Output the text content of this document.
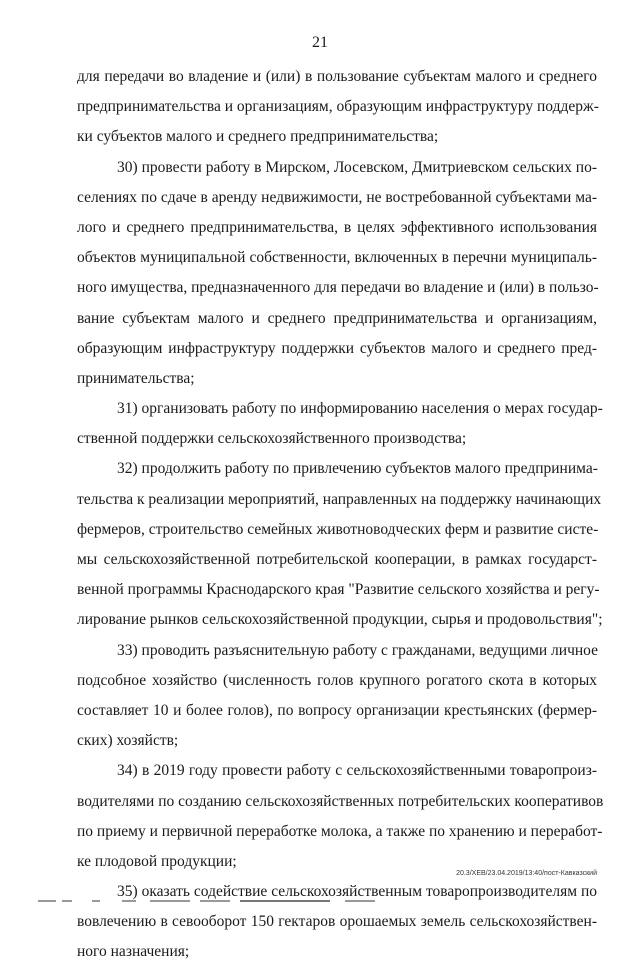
21
для передачи во владение и (или) в пользование субъектам малого и среднего
предпринимательства и организациям, образующим инфраструктуру поддерж-
ки субъектов малого и среднего предпринимательства;
30) провести работу в Мирском, Лосевском, Дмитриевском сельских по-
селениях по сдаче в аренду недвижимости, не востребованной субъектами ма-
лого и среднего предпринимательства, в целях эффективного использования
объектов муниципальной собственности, включенных в перечни муниципаль-
ного имущества, предназначенного для передачи во владение и (или) в пользо-
вание субъектам малого и среднего предпринимательства и организациям,
образующим инфраструктуру поддержки субъектов малого и среднего пред-
принимательства;
31) организовать работу по информированию населения о мерах государ-
ственной поддержки сельскохозяйственного производства;
32) продолжить работу по привлечению субъектов малого предпринима-
тельства к реализации мероприятий, направленных на поддержку начинающих
фермеров, строительство семейных животноводческих ферм и развитие систе-
мы сельскохозяйственной потребительской кооперации, в рамках государст-
венной программы Краснодарского края "Развитие сельского хозяйства и регу-
лирование рынков сельскохозяйственной продукции, сырья и продовольствия";
33) проводить разъяснительную работу с гражданами, ведущими личное
подсобное хозяйство (численность голов крупного рогатого скота в которых
составляет 10 и более голов), по вопросу организации крестьянских (фермер-
ских) хозяйств;
34) в 2019 году провести работу с сельскохозяйственными товаропроиз-
водителями по созданию сельскохозяйственных потребительских кооперативов
по приему и первичной переработке молока, а также по хранению и переработ-
ке плодовой продукции;
35) оказать содействие сельскохозяйственным товаропроизводителям по
вовлечению в севооборот 150 гектаров орошаемых земель сельскохозяйствен-
ного назначения;
20.3/ХЕВ/23.04.2019/13:40/пост-Кавказский
